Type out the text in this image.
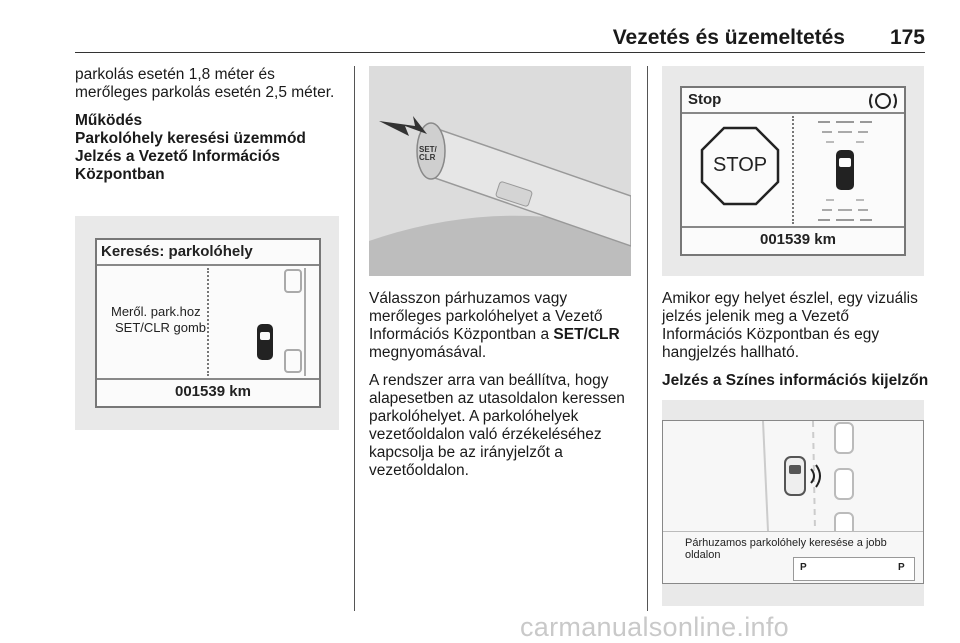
Vezetés és üzemeltetés 175

parkolás esetén 1,8 méter és merőleges parkolás esetén 2,5 méter.

Működés
Parkolóhely keresési üzemmód
Jelzés a Vezető Információs Központban
Keresés: parkolóhely
Meről. park.hoz
SET/CLR gomb
001539 km
SET/ CLR

Válasszon párhuzamos vagy merőleges parkolóhelyet a Vezető Információs Központban a SET/CLR megnyomásával.

A rendszer arra van beállítva, hogy alapesetben az utasoldalon keressen parkolóhelyet. A parkolóhelyek vezetőoldalon való érzékeléséhez kapcsolja be az irányjelzőt a vezetőoldalon.

Stop
STOP
001539 km

Amikor egy helyet észlel, egy vizuális jelzés jelenik meg a Vezető Információs Központban és egy hangjelzés hallható.

Jelzés a Színes információs kijelzőn
Párhuzamos parkolóhely keresése a jobb oldalon
P	P
carmanualsonline.info
